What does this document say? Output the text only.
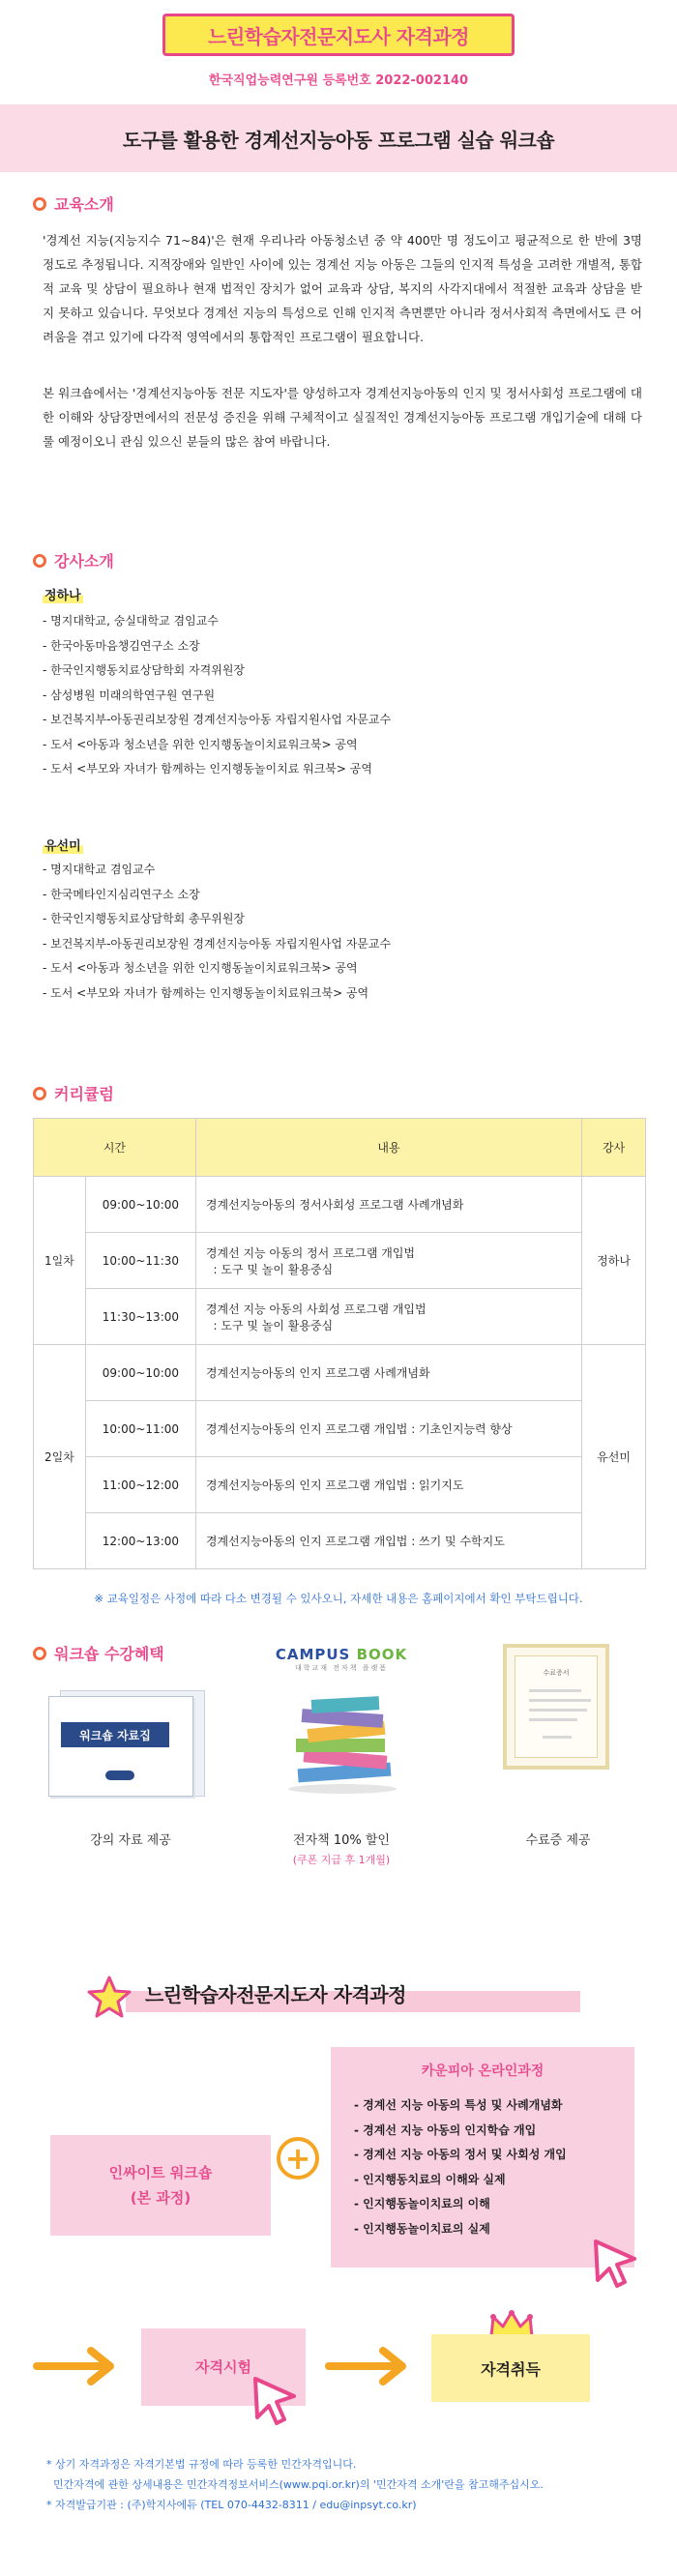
느린학습자전문지도사 자격과정
한국직업능력연구원 등록번호 2022-002140
도구를 활용한 경계선지능아동 프로그램 실습 워크숍
교육소개

'경계선 지능(지능지수 71~84)'은 현재 우리나라 아동청소년 중 약 400만 명 정도이고 평균적으로 한 반에 3명 정도로 추정됩니다. 지적장애와 일반인 사이에 있는 경계선 지능 아동은 그들의 인지적 특성을 고려한 개별적, 통합적 교육 및 상담이 필요하나 현재 법적인 장치가 없어 교육과 상담, 복지의 사각지대에서 적절한 교육과 상담을 받지 못하고 있습니다. 무엇보다 경계선 지능의 특성으로 인해 인지적 측면뿐만 아니라 정서사회적 측면에서도 큰 어려움을 겪고 있기에 다각적 영역에서의 통합적인 프로그램이 필요합니다.

본 워크숍에서는 '경계선지능아동 전문 지도자'를 양성하고자 경계선지능아동의 인지 및 정서사회성 프로그램에 대한 이해와 상담장면에서의 전문성 증진을 위해 구체적이고 실질적인 경계선지능아동 프로그램 개입기술에 대해 다룰 예정이오니 관심 있으신 분들의 많은 참여 바랍니다.

강사소개
정하나
- 명지대학교, 숭실대학교 겸임교수
- 한국아동마음챙김연구소 소장
- 한국인지행동치료상담학회 자격위원장
- 삼성병원 미래의학연구원 연구원
- 보건복지부-아동권리보장원 경계선지능아동 자립지원사업 자문교수
- 도서 <아동과 청소년을 위한 인지행동놀이치료워크북> 공역
- 도서 <부모와 자녀가 함께하는 인지행동놀이치료 워크북> 공역
유선미
- 명지대학교 겸임교수
- 한국메타인지심리연구소 소장
- 한국인지행동치료상담학회 총무위원장
- 보건복지부-아동권리보장원 경계선지능아동 자립지원사업 자문교수
- 도서 <아동과 청소년을 위한 인지행동놀이치료워크북> 공역
- 도서 <부모와 자녀가 함께하는 인지행동놀이치료워크북> 공역
커리큘럼
시간		내용	강사
1일차	09:00~10:00	경계선지능아동의 정서사회성 프로그램 사례개념화	정하나
	10:00~11:30	경계선 지능 아동의 정서 프로그램 개입법
: 도구 및 놀이 활용중심	

	11:30~13:00	경계선 지능 아동의 사회성 프로그램 개입법
: 도구 및 놀이 활용중심	

2일차	09:00~10:00	경계선지능아동의 인지 프로그램 사례개념화	유선미
	10:00~11:00	경계선지능아동의 인지 프로그램 개입법 : 기초인지능력 향상	

	11:00~12:00	경계선지능아동의 인지 프로그램 개입법 : 읽기지도	

	12:00~13:00	경계선지능아동의 인지 프로그램 개입법 : 쓰기 및 수학지도	
※ 교육일정은 사정에 따라 다소 변경될 수 있사오니, 자세한 내용은 홈페이지에서 확인 부탁드립니다.
워크숍 수강혜택
워크숍 자료집
강의 자료 제공
CAMPUS BOOK
대학교재 전자책 플랫폼
전자책 10% 할인
(쿠폰 지급 후 1개월)
수료증서
수료증 제공
느린학습자전문지도자 자격과정
인싸이트 워크숍
(본 과정)
+
카운피아 온라인과정
- 경계선 지능 아동의 특성 및 사례개념화
- 경계선 지능 아동의 인지학습 개입
- 경계선 지능 아동의 정서 및 사회성 개입
- 인지행동치료의 이해와 실제
- 인지행동놀이치료의 이해
- 인지행동놀이치료의 실제
자격시험	자격취득
* 상기 자격과정은 자격기본법 규정에 따라 등록한 민간자격입니다.
민간자격에 관한 상세내용은 민간자격정보서비스(www.pqi.or.kr)의 '민간자격 소개'란을 참고해주십시오.
* 자격발급기관 : (주)학지사에듀 (TEL 070-4432-8311 / edu@inpsyt.co.kr)
